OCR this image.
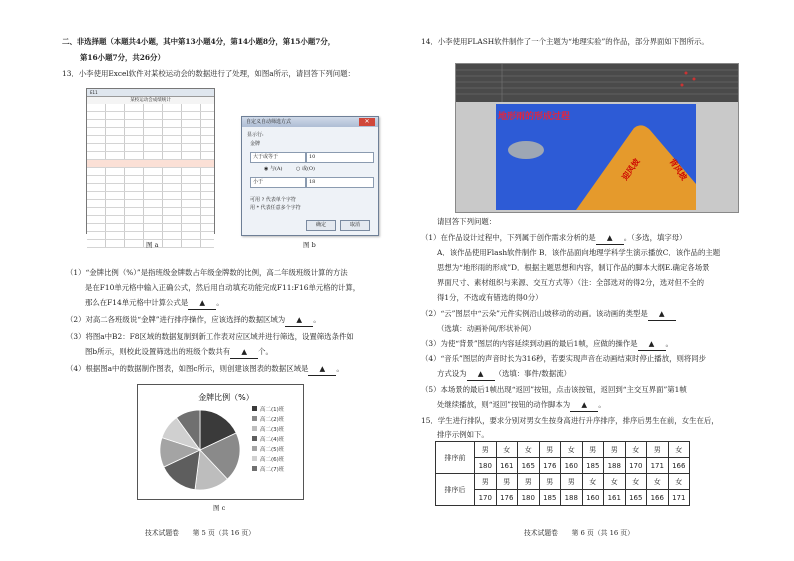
二、非选择题（本题共4小题，其中第13小题4分，第14小题8分，第15小题7分，
第16小题7分，共26分）
13．小李使用Excel软件对某校运动会的数据进行了处理，如图a所示，请回答下列问题：
E11
某校运动会成绩统计
图 a
自定义自动筛选方式	✕
显示行:
金牌
大于或等于	10
◉ 与(A)	○ 或(O)
小于	18
可用 ? 代表单个字符
用 * 代表任意多个字符
确定	取消
图 b
（1）“金牌比例（%）”是指班级金牌数占年级金牌数的比例，高二年级班级计算的方法
是在F10单元格中输入正确公式，然后用自动填充功能完成F11:F16单元格的计算，
那么在F14单元格中计算公式是 ▲ 。
（2）对高二各班级说“金牌”进行排序操作，应该选择的数据区域为 ▲ 。
（3）将图a中B2：F8区域的数据复制到新工作表对应区域并进行筛选，设置筛选条件如
图b所示，则校此设置筛选出的班级个数共有 ▲ 个。
（4）根据图a中的数据制作图表，如图c所示，则创建该图表的数据区域是 ▲ 。
金牌比例（%）
高二(1)班
高二(2)班
高二(3)班
高二(4)班
高二(5)班
高二(6)班
高二(7)班
图 c
技术试题卷　　第 5 页（共 16 页）
14．小李使用FLASH软件制作了一个主题为“地理实验”的作品，部分界面如下图所示。
地形雨的形成过程
迎风坡	背风坡
请回答下列问题：
（1）在作品设计过程中，下列属于创作需求分析的是 ▲ 。（多选，填字母）
A．该作品使用Flash软件制作 B．该作品面向地理学科学生演示播放C．该作品的主题
思想为“地形雨的形成”D．根据主题思想和内容，制订作品的脚本大纲E.确定各场景
界面尺寸、素材组织与来源、交互方式等）（注：全部选对的得2分，选对但不全的
得1分，不选或有错选的得0分）
（2）“云”图层中“云朵”元件实例沿山坡移动的动画。该动画的类型是 ▲
（选填：动画补间/形状补间）
（3）为使“背景”图层的内容延续到动画的最后1帧，应做的操作是 ▲ 。
（4）“音乐”图层的声音时长为316秒，若要实现声音在动画结束时停止播放，则将同步
方式设为 ▲ （选填：事件/数据流）
（5）本场景的最后1帧出现“返回”按钮，点击该按钮，返回到“主交互界面”第1帧
处继续播放，则“返回”按钮的动作脚本为 ▲ 。
15．学生进行排队，要求分别对男女生按身高进行升序排序，排序后男生在前，女生在后，
排序示例如下。
排序前	男	女	女	男	女	男	男	女	男	女
	180	161	165	176	160	185	188	170	171	166
排序后	男	男	男	男	男	女	女	女	女	女
	170	176	180	185	188	160	161	165	166	171
技术试题卷　　第 6 页（共 16 页）
